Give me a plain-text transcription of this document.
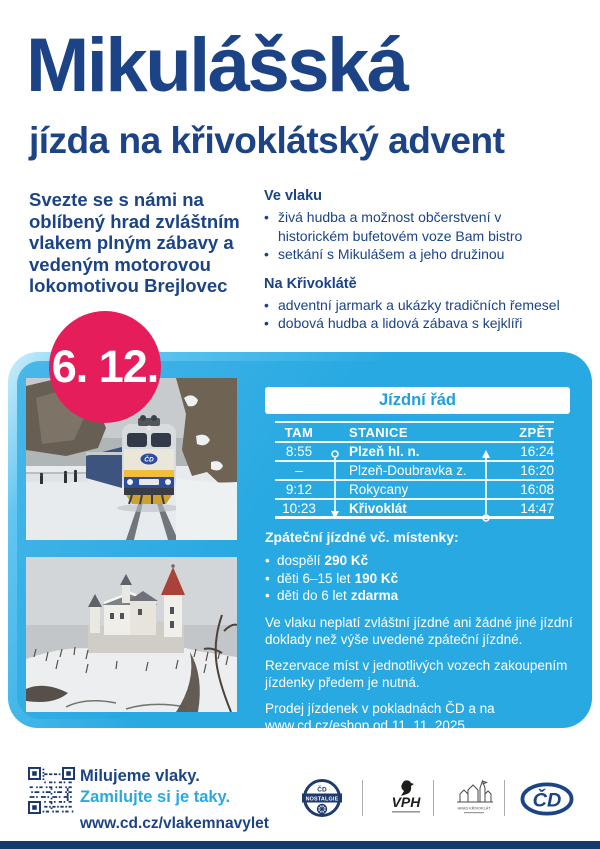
Mikulášská
jízda na křivoklátský advent

Svezte se s námi na oblíbený hrad zvláštním vlakem plným zábavy a vedeným motorovou lokomotivou Brejlovec

Ve vlaku
• živá hudba a možnost občerstvení v historickém bufetovém voze Bam bistro
• setkání s Mikulášem a jeho družinou
Na Křivoklátě
• adventní jarmark a ukázky tradičních řemesel
• dobová hudba a lidová zábava s kejklíři
6. 12.
ČD
Jízdní řád
TAM	STANICE	ZPĚT
8:55	Plzeň hl. n.	16:24
–	Plzeň-Doubravka z.	16:20
9:12	Rokycany	16:08
10:23	Křivoklát	14:47
Zpáteční jízdné vč. místenky:
• dospělí 290 Kč
• děti 6–15 let 190 Kč
• děti do 6 let zdarma

Ve vlaku neplatí zvláštní jízdné ani žádné jiné jízdní doklady než výše uvedené zpáteční jízdné.

Rezervace míst v jednotlivých vozech zakoupením jízdenky předem je nutná.

Prodej jízdenek v pokladnách ČD a na www.cd.cz/eshop od 11. 11. 2025.

Milujeme vlaky.
Zamilujte si je taky.
www.cd.cz/vlakemnavylet
ČD
NOSTALGIE	VPH	HRAD KŘIVOKLÁT ČD
